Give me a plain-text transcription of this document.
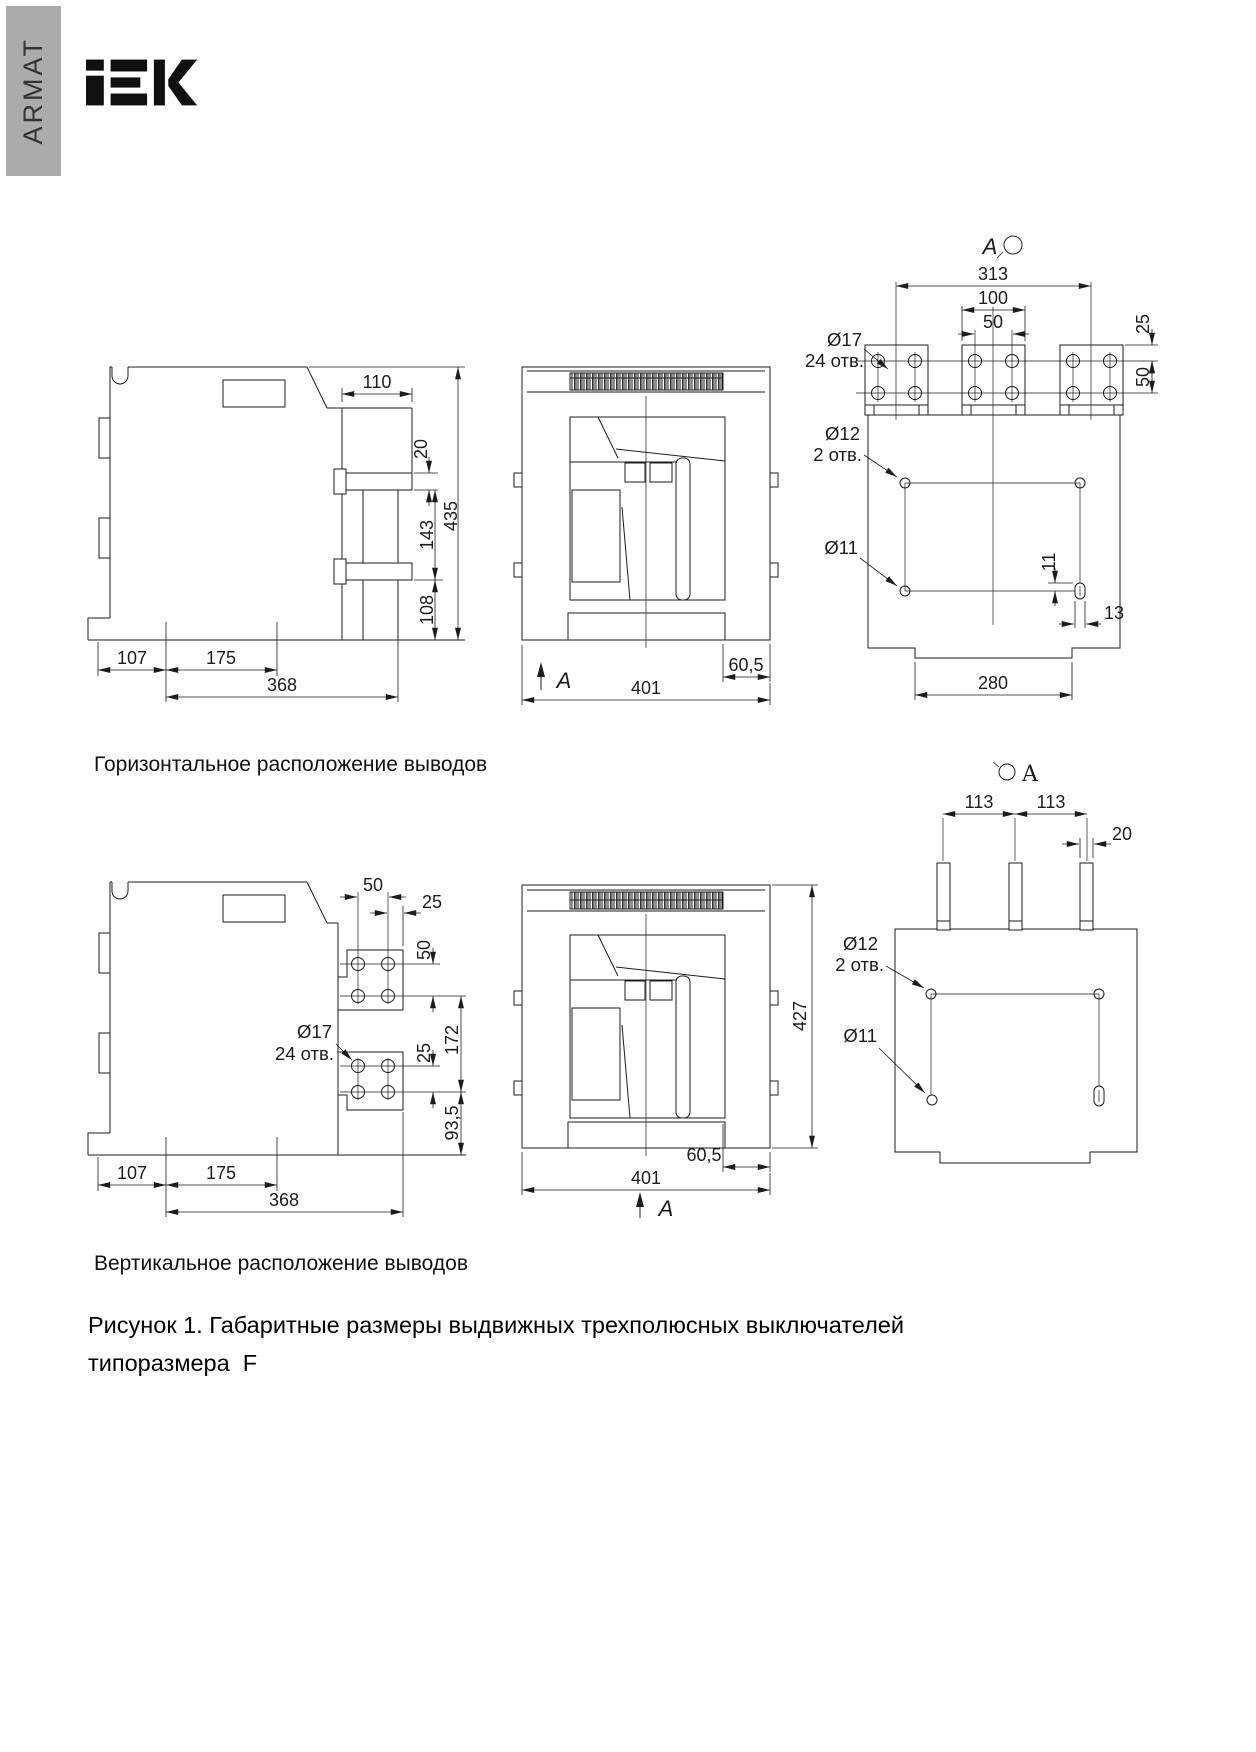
ARMAT
110
20
143
108
435
107	175
368	A
60,5
401
A
313
100
50
Ø17
24 отв.
25
50
Ø12
2 отв.
Ø11
11
13
280
50
25
50
172
25
93,5
Ø17
24 отв.
107	175
368
427
60,5
401
A
A
113 113
20
Ø12
2 отв.
Ø11
Горизонтальное расположение выводов
Вертикальное расположение выводов
Рисунок 1. Габаритные размеры выдвижных трехполюсных выключателей
типоразмера  F
